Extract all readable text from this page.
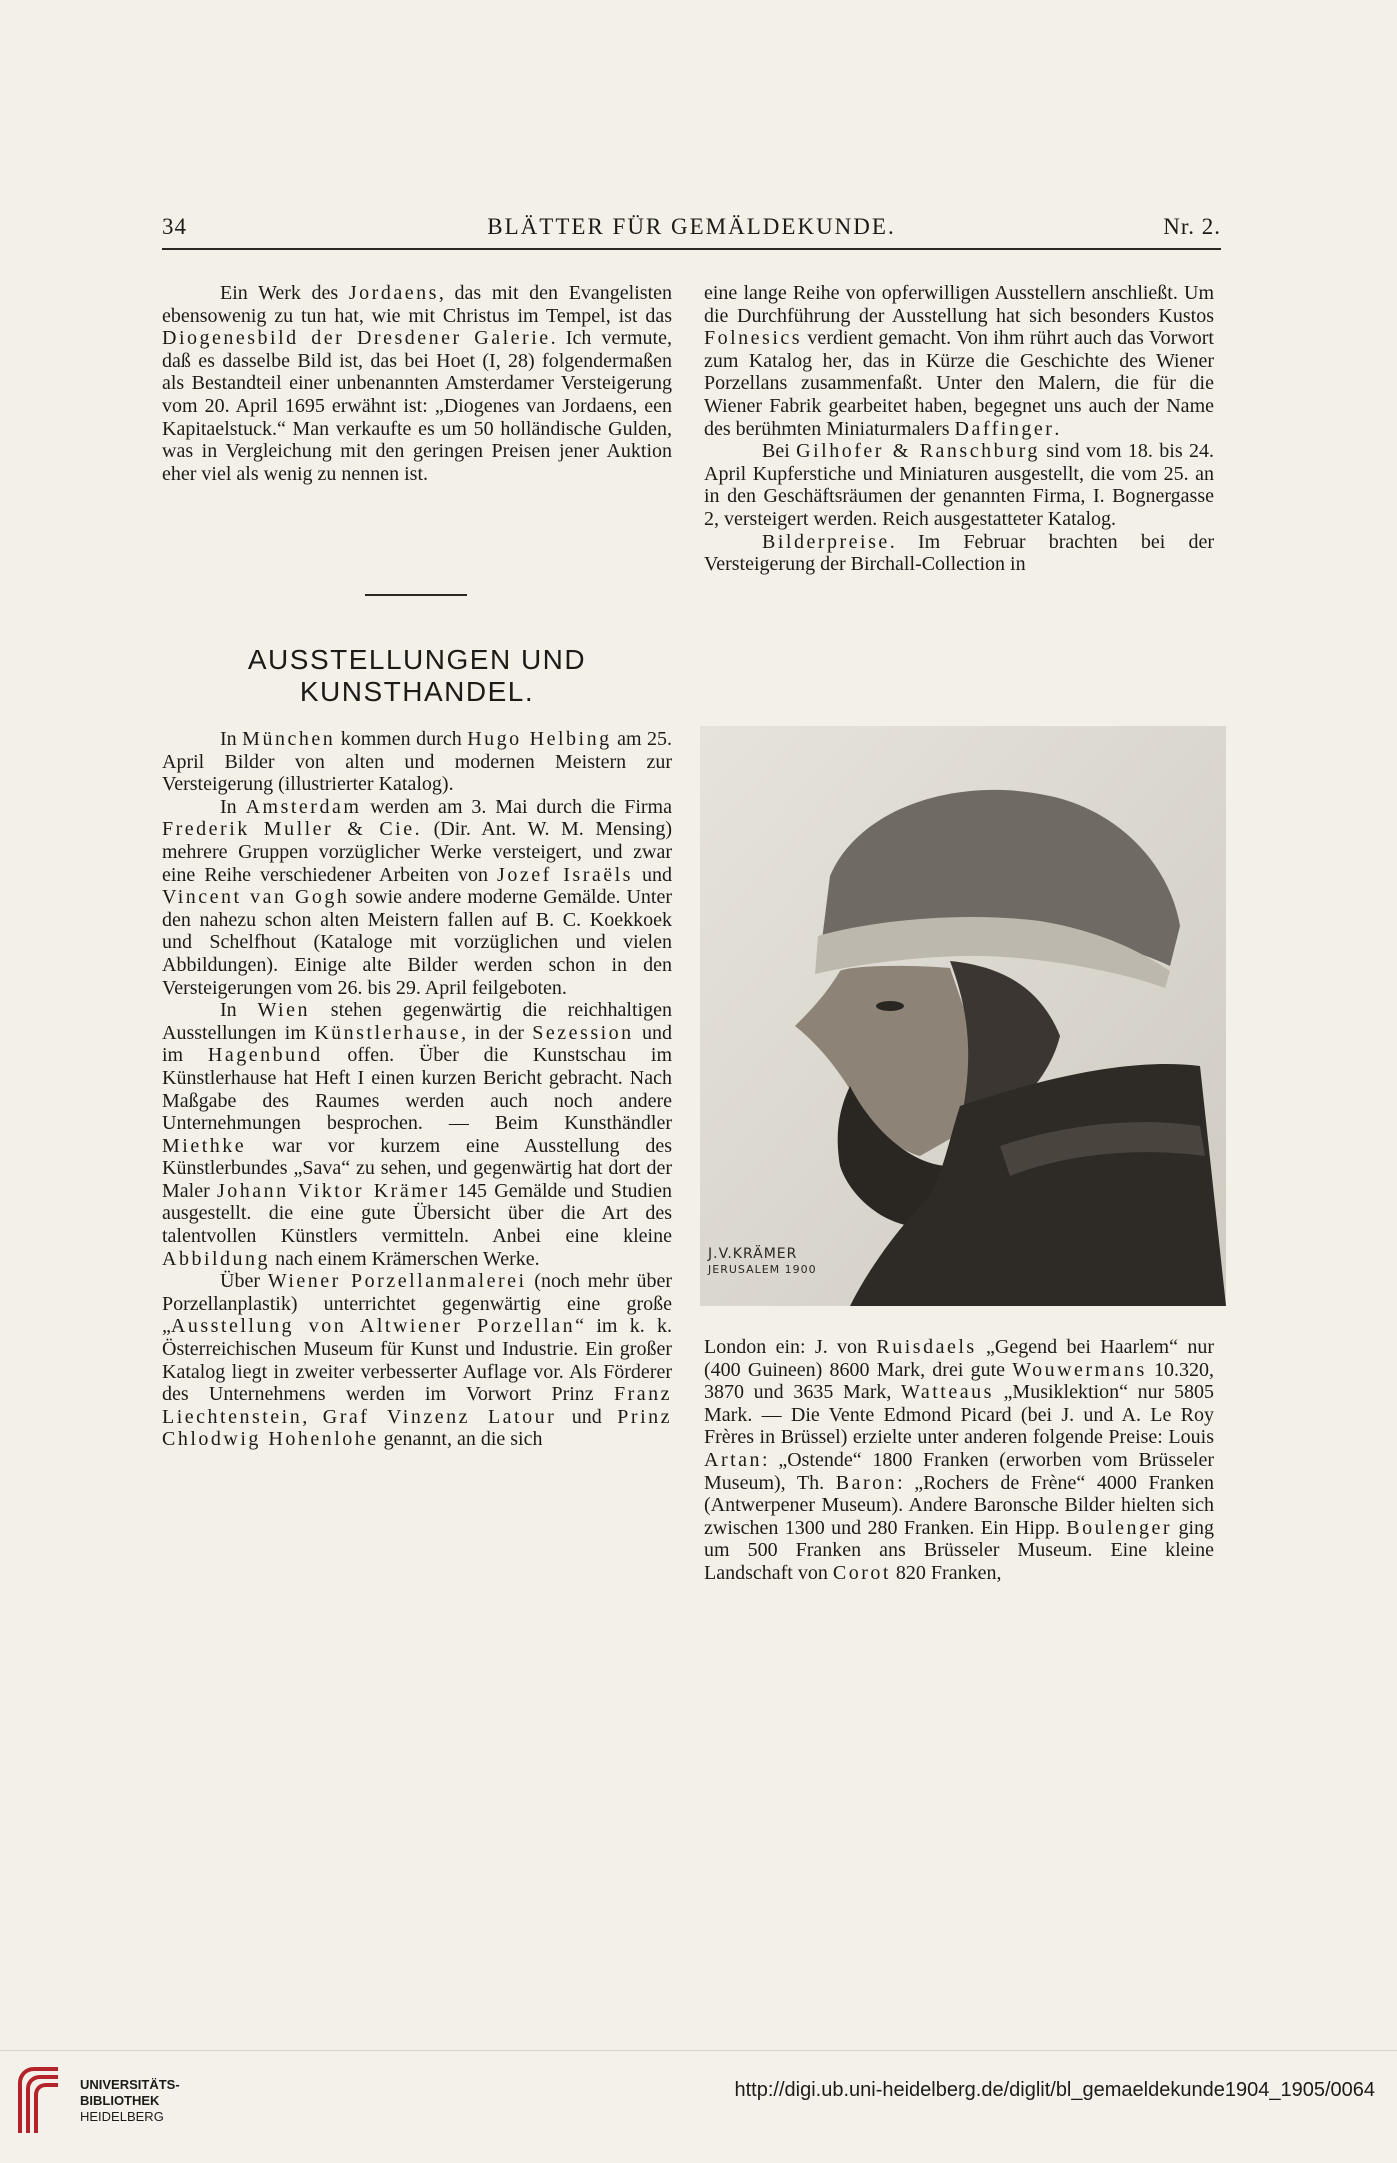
34	BLÄTTER FÜR GEMÄLDEKUNDE.	Nr. 2.

Ein Werk des Jordaens, das mit den Evangelisten ebensowenig zu tun hat, wie mit Christus im Tempel, ist das Diogenesbild der Dresdener Galerie. Ich vermute, daß es dasselbe Bild ist, das bei Hoet (I, 28) folgendermaßen als Bestandteil einer unbenannten Amsterdamer Versteigerung vom 20. April 1695 erwähnt ist: „Diogenes van Jordaens, een Kapitaelstuck.“ Man verkaufte es um 50 holländische Gulden, was in Vergleichung mit den geringen Preisen jener Auktion eher viel als wenig zu nennen ist.

AUSSTELLUNGEN UND KUNSTHANDEL.

In München kommen durch Hugo Helbing am 25. April Bilder von alten und modernen Meistern zur Versteigerung (illustrierter Katalog).

In Amsterdam werden am 3. Mai durch die Firma Frederik Muller & Cie. (Dir. Ant. W. M. Mensing) mehrere Gruppen vorzüglicher Werke versteigert, und zwar eine Reihe verschiedener Arbeiten von Jozef Israëls und Vincent van Gogh sowie andere moderne Gemälde. Unter den nahezu schon alten Meistern fallen auf B. C. Koekkoek und Schelfhout (Kataloge mit vorzüglichen und vielen Abbildungen). Einige alte Bilder werden schon in den Versteigerungen vom 26. bis 29. April feilgeboten.

In Wien stehen gegenwärtig die reichhaltigen Ausstellungen im Künstlerhause, in der Sezession und im Hagenbund offen. Über die Kunstschau im Künstlerhause hat Heft I einen kurzen Bericht gebracht. Nach Maßgabe des Raumes werden auch noch andere Unternehmungen besprochen. — Beim Kunsthändler Miethke war vor kurzem eine Ausstellung des Künstlerbundes „Sava“ zu sehen, und gegenwärtig hat dort der Maler Johann Viktor Krämer 145 Gemälde und Studien ausgestellt. die eine gute Übersicht über die Art des talentvollen Künstlers vermitteln. Anbei eine kleine Abbildung nach einem Krämerschen Werke.

Über Wiener Porzellanmalerei (noch mehr über Porzellanplastik) unterrichtet gegenwärtig eine große „Ausstellung von Altwiener Porzellan“ im k. k. Österreichischen Museum für Kunst und Industrie. Ein großer Katalog liegt in zweiter verbesserter Auflage vor. Als Förderer des Unternehmens werden im Vorwort Prinz Franz Liechtenstein, Graf Vinzenz Latour und Prinz Chlodwig Hohenlohe genannt, an die sich

eine lange Reihe von opferwilligen Ausstellern anschließt. Um die Durchführung der Ausstellung hat sich besonders Kustos Folnesics verdient gemacht. Von ihm rührt auch das Vorwort zum Katalog her, das in Kürze die Geschichte des Wiener Porzellans zusammenfaßt. Unter den Malern, die für die Wiener Fabrik gearbeitet haben, begegnet uns auch der Name des berühmten Miniaturmalers Daffinger.

Bei Gilhofer & Ranschburg sind vom 18. bis 24. April Kupferstiche und Miniaturen ausgestellt, die vom 25. an in den Geschäftsräumen der genannten Firma, I. Bognergasse 2, versteigert werden. Reich ausgestatteter Katalog.

Bilderpreise. Im Februar brachten bei der Versteigerung der Birchall-Collection in

J.V.KRÄMER
JERUSALEM 1900

London ein: J. von Ruisdaels „Gegend bei Haarlem“ nur (400 Guineen) 8600 Mark, drei gute Wouwermans 10.320, 3870 und 3635 Mark, Watteaus „Musiklektion“ nur 5805 Mark. — Die Vente Edmond Picard (bei J. und A. Le Roy Frères in Brüssel) erzielte unter anderen folgende Preise: Louis Artan: „Ostende“ 1800 Franken (erworben vom Brüsseler Museum), Th. Baron: „Rochers de Frène“ 4000 Franken (Antwerpener Museum). Andere Baronsche Bilder hielten sich zwischen 1300 und 280 Franken. Ein Hipp. Boulenger ging um 500 Franken ans Brüsseler Museum. Eine kleine Landschaft von Corot 820 Franken,

UNIVERSITÄTS-
BIBLIOTHEK
HEIDELBERG
http://digi.ub.uni-heidelberg.de/diglit/bl_gemaeldekunde1904_1905/0064
